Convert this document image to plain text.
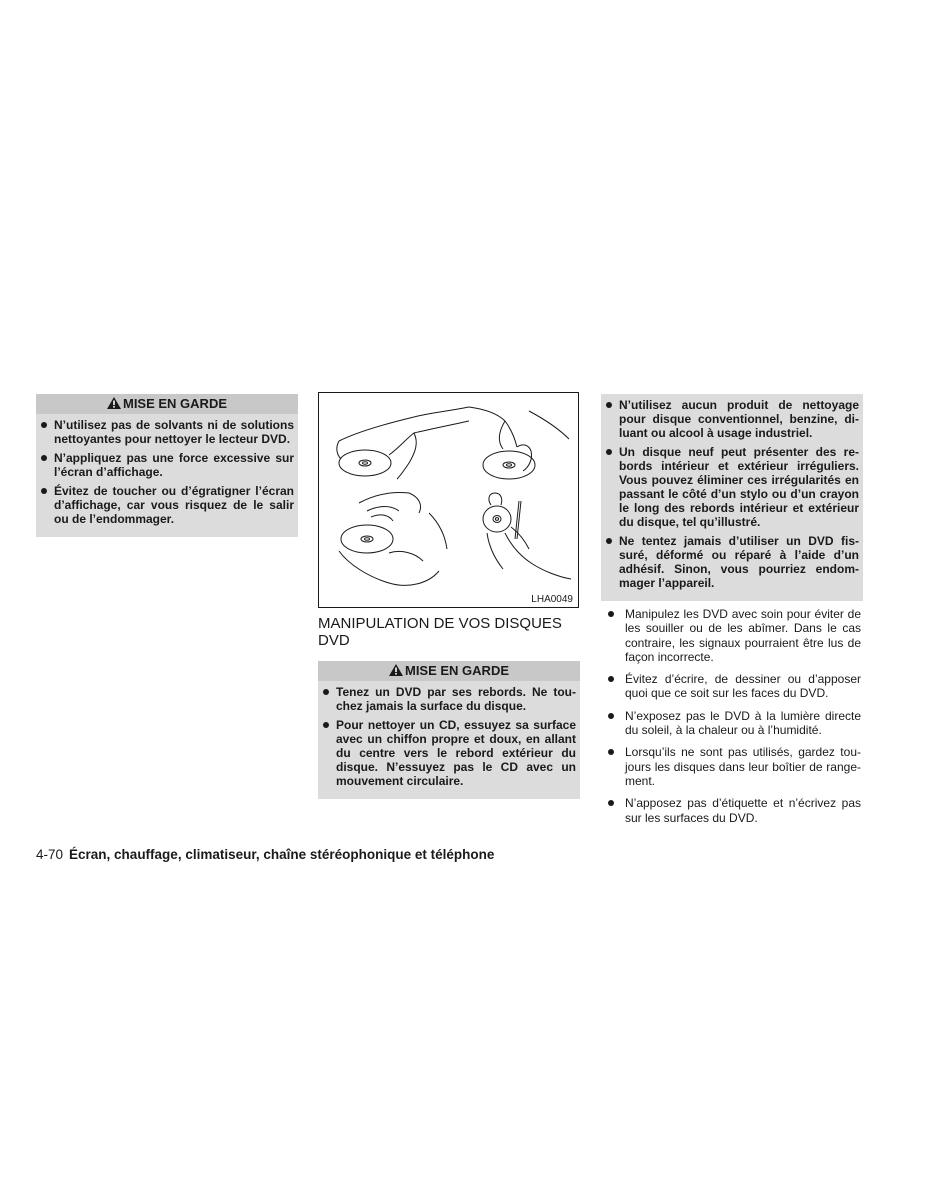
MISE EN GARDE
N’utilisez pas de solvants ni de solutions nettoyantes pour nettoyer le lecteur DVD.
N’appliquez pas une force excessive sur l’écran d’affichage.
Évitez de toucher ou d’égratigner l’écran d’affichage, car vous risquez de le salir ou de l’endommager.
LHA0049
MANIPULATION DE VOS DISQUES DVD
MISE EN GARDE
Tenez un DVD par ses rebords. Ne touchez jamais la surface du disque.
Pour nettoyer un CD, essuyez sa surface avec un chiffon propre et doux, en allant du centre vers le rebord extérieur du disque. N’essuyez pas le CD avec un mouvement circulaire.
N’utilisez aucun produit de nettoyage pour disque conventionnel, benzine, diluant ou alcool à usage industriel.
Un disque neuf peut présenter des rebords intérieur et extérieur irréguliers. Vous pouvez éliminer ces irrégularités en passant le côté d’un stylo ou d’un crayon le long des rebords intérieur et extérieur du disque, tel qu’illustré.
Ne tentez jamais d’utiliser un DVD fissuré, déformé ou réparé à l’aide d’un adhésif. Sinon, vous pourriez endommager l’appareil.
Manipulez les DVD avec soin pour éviter de les souiller ou de les abîmer. Dans le cas contraire, les signaux pourraient être lus de façon incorrecte.
Évitez d’écrire, de dessiner ou d’apposer quoi que ce soit sur les faces du DVD.
N’exposez pas le DVD à la lumière directe du soleil, à la chaleur ou à l’humidité.
Lorsqu’ils ne sont pas utilisés, gardez toujours les disques dans leur boîtier de rangement.
N’apposez pas d’étiquette et n’écrivez pas sur les surfaces du DVD.
4-70 Écran, chauffage, climatiseur, chaîne stéréophonique et téléphone
